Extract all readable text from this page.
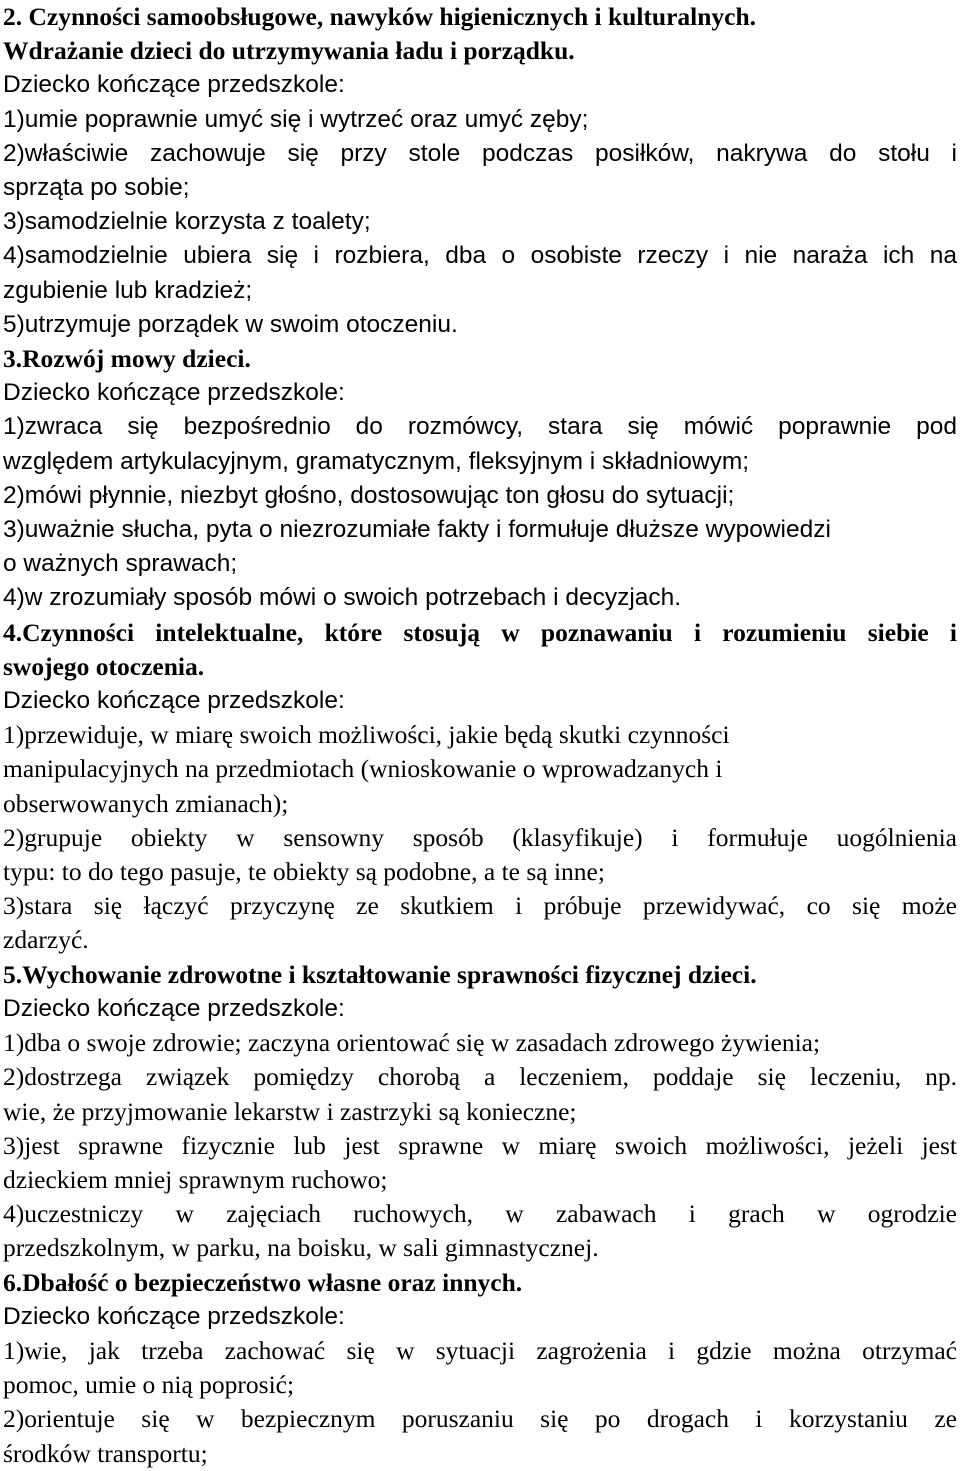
2. Czynności samoobsługowe, nawyków higienicznych i kulturalnych.
Wdrażanie dzieci do utrzymywania ładu i porządku.
Dziecko kończące przedszkole:
1)umie poprawnie umyć się i wytrzeć oraz umyć zęby;
2)właściwie zachowuje się przy stole podczas posiłków, nakrywa do stołu i
sprząta po sobie;
3)samodzielnie korzysta z toalety;
4)samodzielnie ubiera się i rozbiera, dba o osobiste rzeczy i nie naraża ich na
zgubienie lub kradzież;
5)utrzymuje porządek w swoim otoczeniu.
3.Rozwój mowy dzieci.
Dziecko kończące przedszkole:
1)zwraca się bezpośrednio do rozmówcy, stara się mówić poprawnie pod
względem artykulacyjnym, gramatycznym, fleksyjnym i składniowym;
2)mówi płynnie, niezbyt głośno, dostosowując ton głosu do sytuacji;
3)uważnie słucha, pyta o niezrozumiałe fakty i formułuje dłuższe wypowiedzi
o ważnych sprawach;
4)w zrozumiały sposób mówi o swoich potrzebach i decyzjach.
4.Czynności intelektualne, które stosują w poznawaniu i rozumieniu siebie i
swojego otoczenia.
Dziecko kończące przedszkole:
1)przewiduje, w miarę swoich możliwości, jakie będą skutki czynności
manipulacyjnych na przedmiotach (wnioskowanie o wprowadzanych i
obserwowanych zmianach);
2)grupuje obiekty w sensowny sposób (klasyfikuje) i formułuje uogólnienia
typu: to do tego pasuje, te obiekty są podobne, a te są inne;
3)stara się łączyć przyczynę ze skutkiem i próbuje przewidywać, co się może
zdarzyć.
5.Wychowanie zdrowotne i kształtowanie sprawności fizycznej dzieci.
Dziecko kończące przedszkole:
1)dba o swoje zdrowie; zaczyna orientować się w zasadach zdrowego żywienia;
2)dostrzega związek pomiędzy chorobą a leczeniem, poddaje się leczeniu, np.
wie, że przyjmowanie lekarstw i zastrzyki są konieczne;
3)jest sprawne fizycznie lub jest sprawne w miarę swoich możliwości, jeżeli jest
dzieckiem mniej sprawnym ruchowo;
4)uczestniczy w zajęciach ruchowych, w zabawach i grach w ogrodzie
przedszkolnym, w parku, na boisku, w sali gimnastycznej.
6.Dbałość o bezpieczeństwo własne oraz innych.
Dziecko kończące przedszkole:
1)wie, jak trzeba zachować się w sytuacji zagrożenia i gdzie można otrzymać
pomoc, umie o nią poprosić;
2)orientuje się w bezpiecznym poruszaniu się po drogach i korzystaniu ze
środków transportu;
